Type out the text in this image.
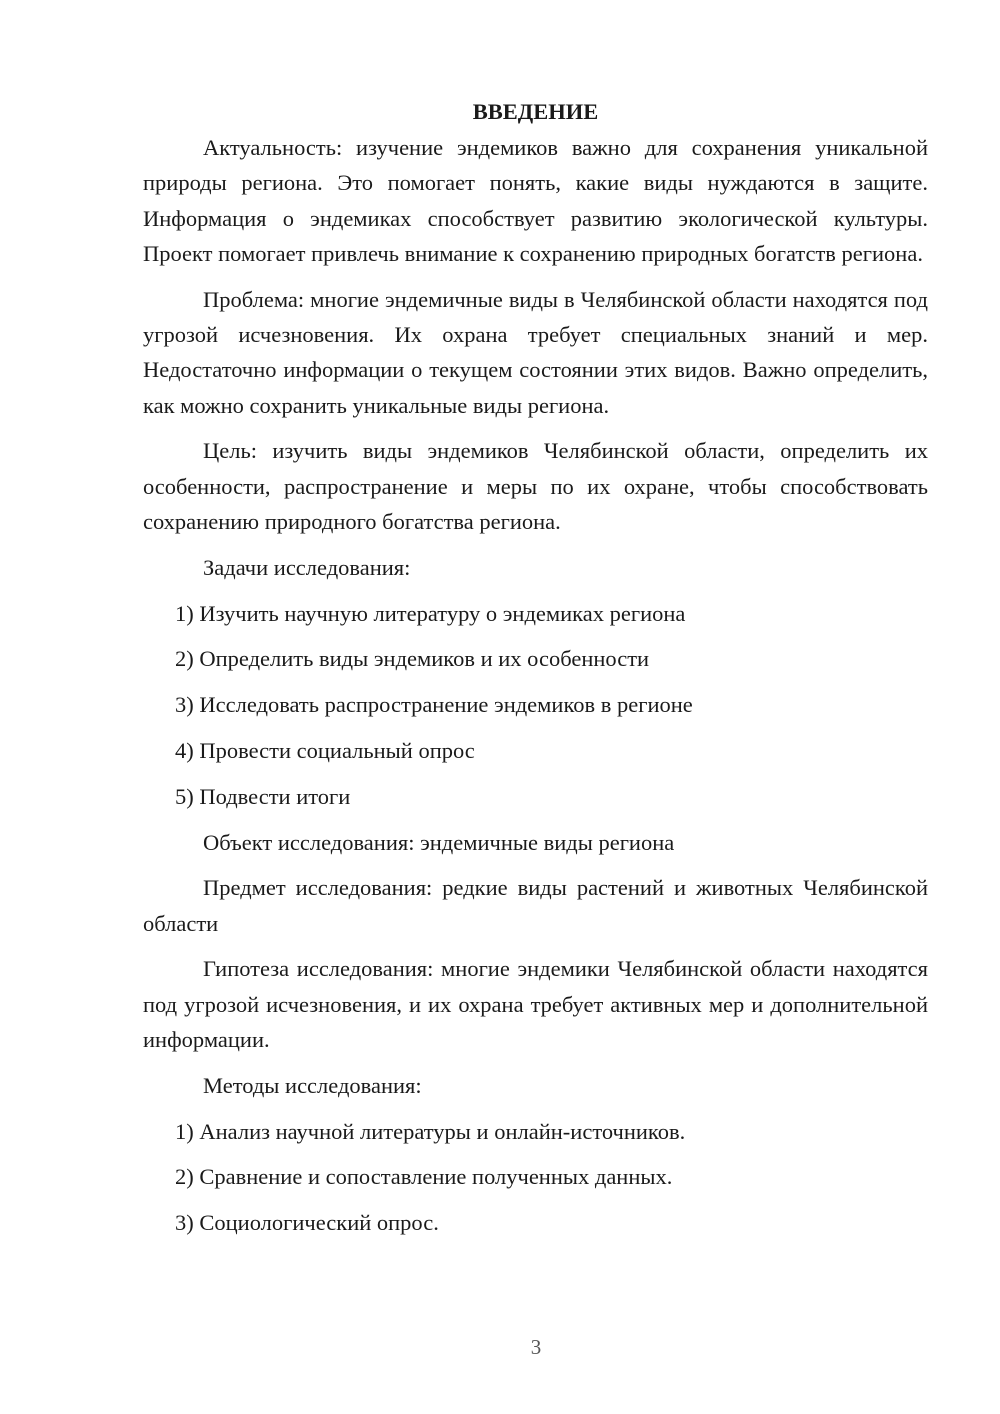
ВВЕДЕНИЕ
Актуальность: изучение эндемиков важно для сохранения уникальной природы региона. Это помогает понять, какие виды нуждаются в защите. Информация о эндемиках способствует развитию экологической культуры. Проект помогает привлечь внимание к сохранению природных богатств региона.
Проблема: многие эндемичные виды в Челябинской области находятся под угрозой исчезновения. Их охрана требует специальных знаний и мер. Недостаточно информации о текущем состоянии этих видов. Важно определить, как можно сохранить уникальные виды региона.
Цель: изучить виды эндемиков Челябинской области, определить их особенности, распространение и меры по их охране, чтобы способствовать сохранению природного богатства региона.
Задачи исследования:
1) Изучить научную литературу о эндемиках региона
2) Определить виды эндемиков и их особенности
3) Исследовать распространение эндемиков в регионе
4) Провести социальный опрос
5) Подвести итоги
Объект исследования: эндемичные виды региона
Предмет исследования: редкие виды растений и животных Челябинской области
Гипотеза исследования: многие эндемики Челябинской области находятся под угрозой исчезновения, и их охрана требует активных мер и дополнительной информации.
Методы исследования:
1) Анализ научной литературы и онлайн-источников.
2) Сравнение и сопоставление полученных данных.
3) Социологический опрос.
3
